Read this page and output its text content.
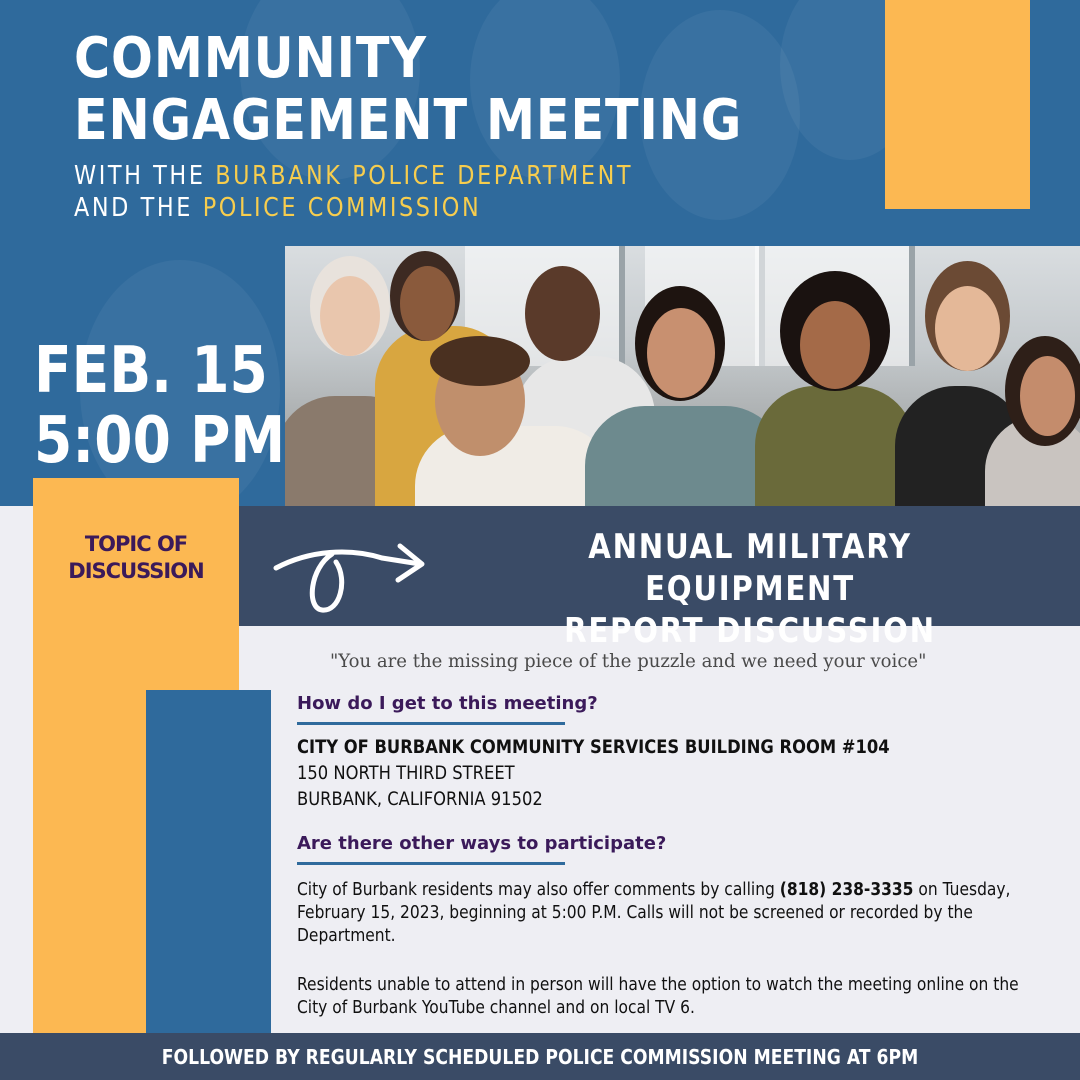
COMMUNITY
ENGAGEMENT MEETING
WITH THE BURBANK POLICE DEPARTMENT
AND THE POLICE COMMISSION
FEB. 15
5:00 PM
TOPIC OF
DISCUSSION
ANNUAL MILITARY EQUIPMENT
REPORT DISCUSSION
"You are the missing piece of the puzzle and we need your voice"
How do I get to this meeting?
CITY OF BURBANK COMMUNITY SERVICES BUILDING ROOM #104
150 NORTH THIRD STREET
BURBANK, CALIFORNIA 91502
Are there other ways to participate?
City of Burbank residents may also offer comments by calling (818) 238-3335 on Tuesday, February 15, 2023, beginning at 5:00 P.M. Calls will not be screened or recorded by the Department.
Residents unable to attend in person will have the option to watch the meeting online on the City of Burbank YouTube channel and on local TV 6.
FOLLOWED BY REGULARLY SCHEDULED POLICE COMMISSION MEETING AT 6PM
